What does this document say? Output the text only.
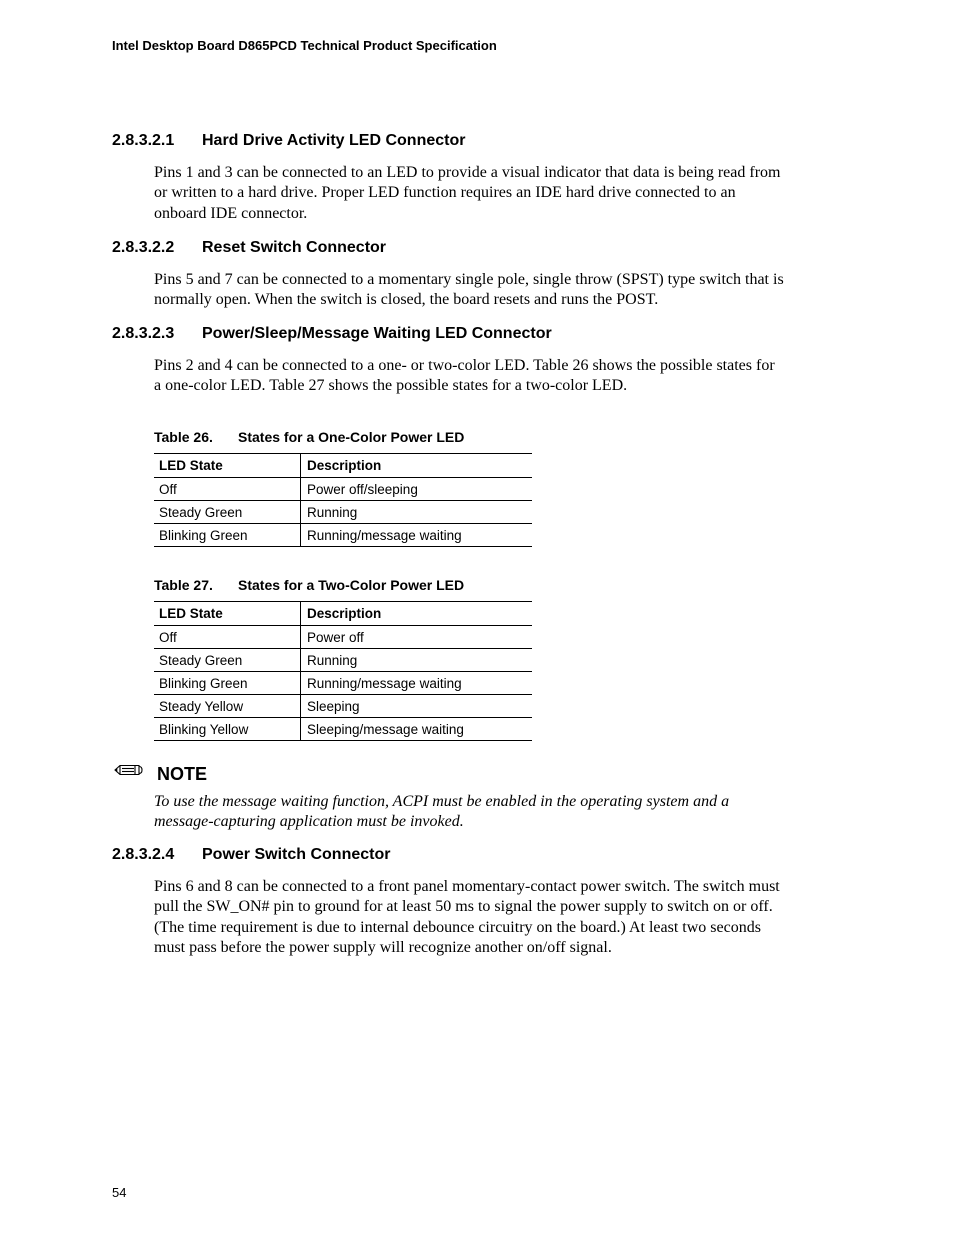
Intel Desktop Board D865PCD Technical Product Specification
2.8.3.2.1 Hard Drive Activity LED Connector
Pins 1 and 3 can be connected to an LED to provide a visual indicator that data is being read from
or written to a hard drive. Proper LED function requires an IDE hard drive connected to an
onboard IDE connector.
2.8.3.2.2 Reset Switch Connector
Pins 5 and 7 can be connected to a momentary single pole, single throw (SPST) type switch that is
normally open. When the switch is closed, the board resets and runs the POST.
2.8.3.2.3 Power/Sleep/Message Waiting LED Connector
Pins 2 and 4 can be connected to a one- or two-color LED. Table 26 shows the possible states for
a one-color LED. Table 27 shows the possible states for a two-color LED.
Table 26. States for a One-Color Power LED
LED State	Description
Off	Power off/sleeping
Steady Green	Running
Blinking Green	Running/message waiting
Table 27. States for a Two-Color Power LED
LED State	Description
Off	Power off
Steady Green	Running
Blinking Green	Running/message waiting
Steady Yellow	Sleeping
Blinking Yellow	Sleeping/message waiting
NOTE
To use the message waiting function, ACPI must be enabled in the operating system and a
message-capturing application must be invoked.
2.8.3.2.4 Power Switch Connector
Pins 6 and 8 can be connected to a front panel momentary-contact power switch. The switch must
pull the SW_ON# pin to ground for at least 50 ms to signal the power supply to switch on or off.
(The time requirement is due to internal debounce circuitry on the board.) At least two seconds
must pass before the power supply will recognize another on/off signal.
54
